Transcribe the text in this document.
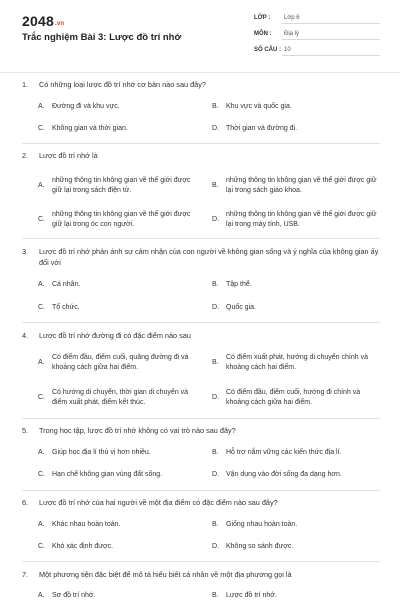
2048.vn
Trắc nghiệm Bài 3: Lược đồ trí nhớ
LỚP : Lớp 6
MÔN : Địa lý
SỐ CÂU : 10
1.	Có những loại lược đồ trí nhớ cơ bản nào sau đây?
A.	Đường đi và khu vực.	B.	Khu vực và quốc gia.
C.	Không gian và thời gian.	D.	Thời gian và đường đi.
2.	Lược đồ trí nhớ là
A.
những thông tin không gian về thế giới được giữ lại trong sách điện tử.
B.
những thông tin không gian về thế giới được giữ lại trong sách giáo khoa.
C.
những thông tin không gian về thế giới được giữ lại trong óc con người.
D.
những thông tin không gian về thế giới được giữ lại trong máy tính, USB.
3.	Lược đồ trí nhớ phản ánh sự cảm nhận của con người về không gian sống và ý nghĩa của không gian ấy đối với
A.	Cá nhân.	B.	Tập thể.
C.	Tổ chức.	D.	Quốc gia.
4.	Lược đồ trí nhớ đường đi có đặc điểm nào sau
A.
Có điểm đầu, điểm cuối, quãng đường đi và khoảng cách giữa hai điểm.
B.
Có điểm xuất phát, hướng di chuyển chính và khoảng cách hai điểm.
C.
Có hướng di chuyển, thời gian di chuyển và điểm xuất phát, điểm kết thúc.
D.
Có điểm đầu, điểm cuối, hướng đi chính và khoảng cách giữa hai điểm.
5.	Trong học tập, lược đồ trí nhớ không có vai trò nào sau đây?
A.	Giúp học địa lí thú vị hơn nhiều.	B.	Hỗ trợ nắm vững các kiến thức địa lí.
C.	Hạn chế không gian vùng đất sống.	D.	Vận dụng vào đời sống đa dạng hơn.
6.	Lược đồ trí nhớ của hai người về một địa điểm có đặc điểm nào sau đây?
A.	Khác nhau hoàn toàn.	B.	Giống nhau hoàn toàn.
C.	Khó xác định được.	D.	Không so sánh được.
7.	Một phương tiện đặc biệt để mô tả hiểu biết cá nhân về một địa phương gọi là
A.	Sơ đồ trí nhớ.	B.	Lược đồ trí nhớ.
